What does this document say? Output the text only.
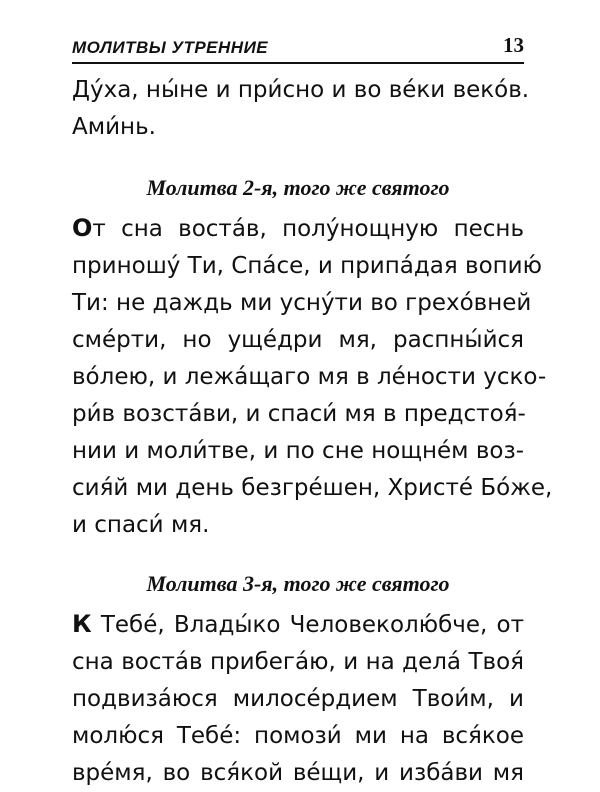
МОЛИТВЫ УТРЕННИЕ	13

Ду́ха, ны́не и при́сно и во ве́ки веко́в.
Ами́нь.

Молитва 2-я, того же святого

От сна воста́в, полу́нощную песнь
приношу́ Ти, Спа́се, и припа́дая вопию́
Ти: не даждь ми усну́ти во грехо́вней
сме́рти, но уще́дри мя, распны́йся
во́лею, и лежа́щаго мя в ле́ности ускo-
ри́в возста́ви, и спаси́ мя в предстоя́-
нии и моли́тве, и по сне нощне́м воз-
сия́й ми день безгре́шен, Христе́ Бо́же,
и спаси́ мя.

Молитва 3-я, того же святого

К Тебе́, Влады́ко Человеколю́бче, от
сна воста́в прибега́ю, и на дела́ Твоя́
подвиза́юся милосе́рдием Твои́м, и
молю́ся Тебе́: помози́ ми на вся́кое
вре́мя, во вся́кой ве́щи, и изба́ви мя
